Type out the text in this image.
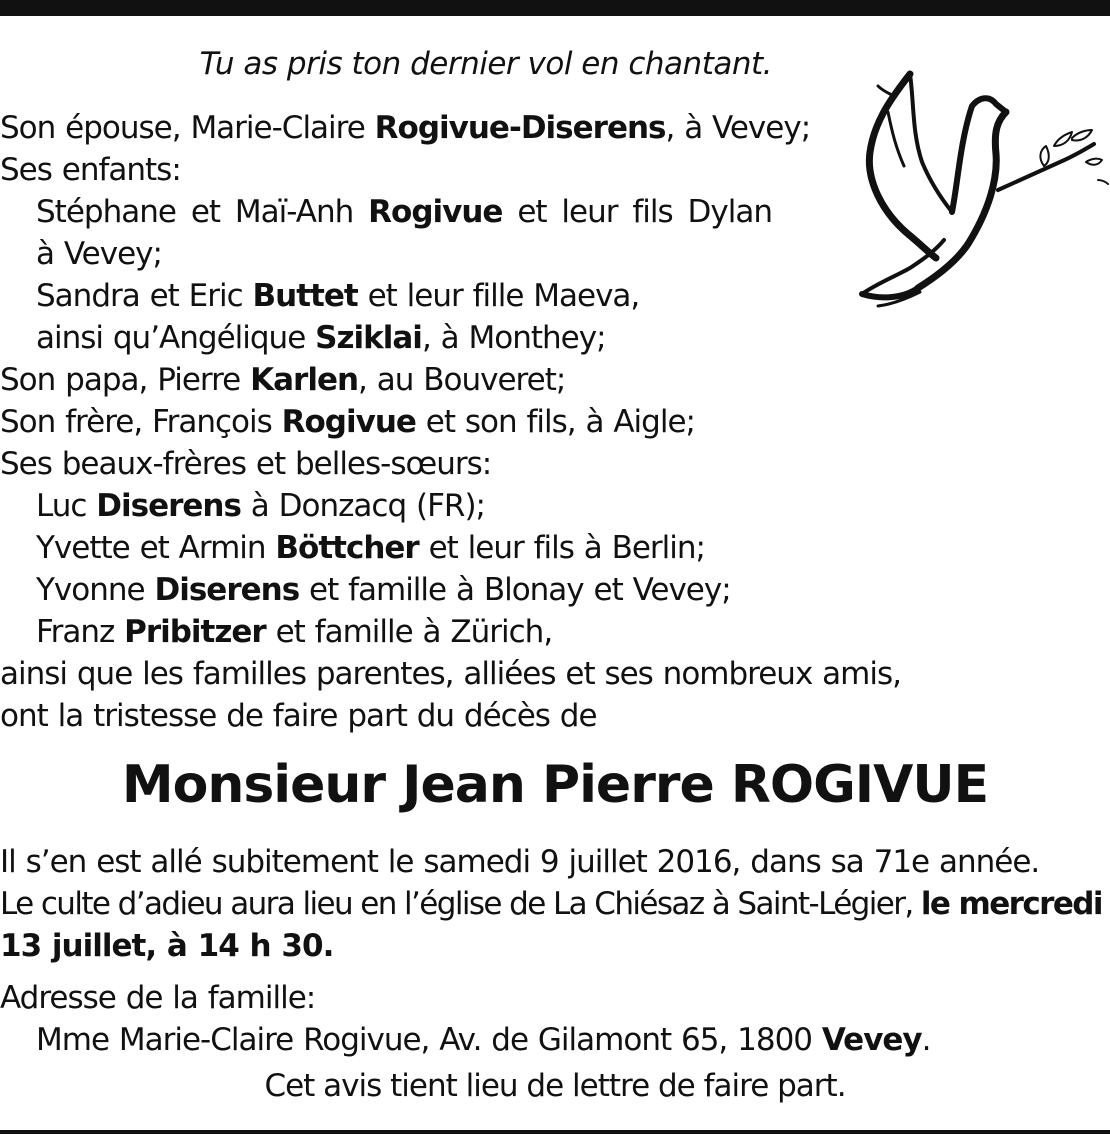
Tu as pris ton dernier vol en chantant.
Son épouse, Marie-Claire Rogivue-Diserens, à Vevey;
Ses enfants:
Stéphane et Maï-Anh Rogivue et leur fils Dylan
à Vevey;
Sandra et Eric Buttet et leur fille Maeva,
ainsi qu’Angélique Sziklai, à Monthey;
Son papa, Pierre Karlen, au Bouveret;
Son frère, François Rogivue et son fils, à Aigle;
Ses beaux-frères et belles-sœurs:
Luc Diserens à Donzacq (FR);
Yvette et Armin Böttcher et leur fils à Berlin;
Yvonne Diserens et famille à Blonay et Vevey;
Franz Pribitzer et famille à Zürich,
ainsi que les familles parentes, alliées et ses nombreux amis,
ont la tristesse de faire part du décès de
Il s’en est allé subitement le samedi 9 juillet 2016, dans sa 71e année.
Le culte d’adieu aura lieu en l’église de La Chiésaz à Saint-Légier, le mercredi
13 juillet, à 14 h 30.
Adresse de la famille:
Mme Marie-Claire Rogivue, Av. de Gilamont 65, 1800 Vevey.
Monsieur Jean Pierre ROGIVUE
Cet avis tient lieu de lettre de faire part.
